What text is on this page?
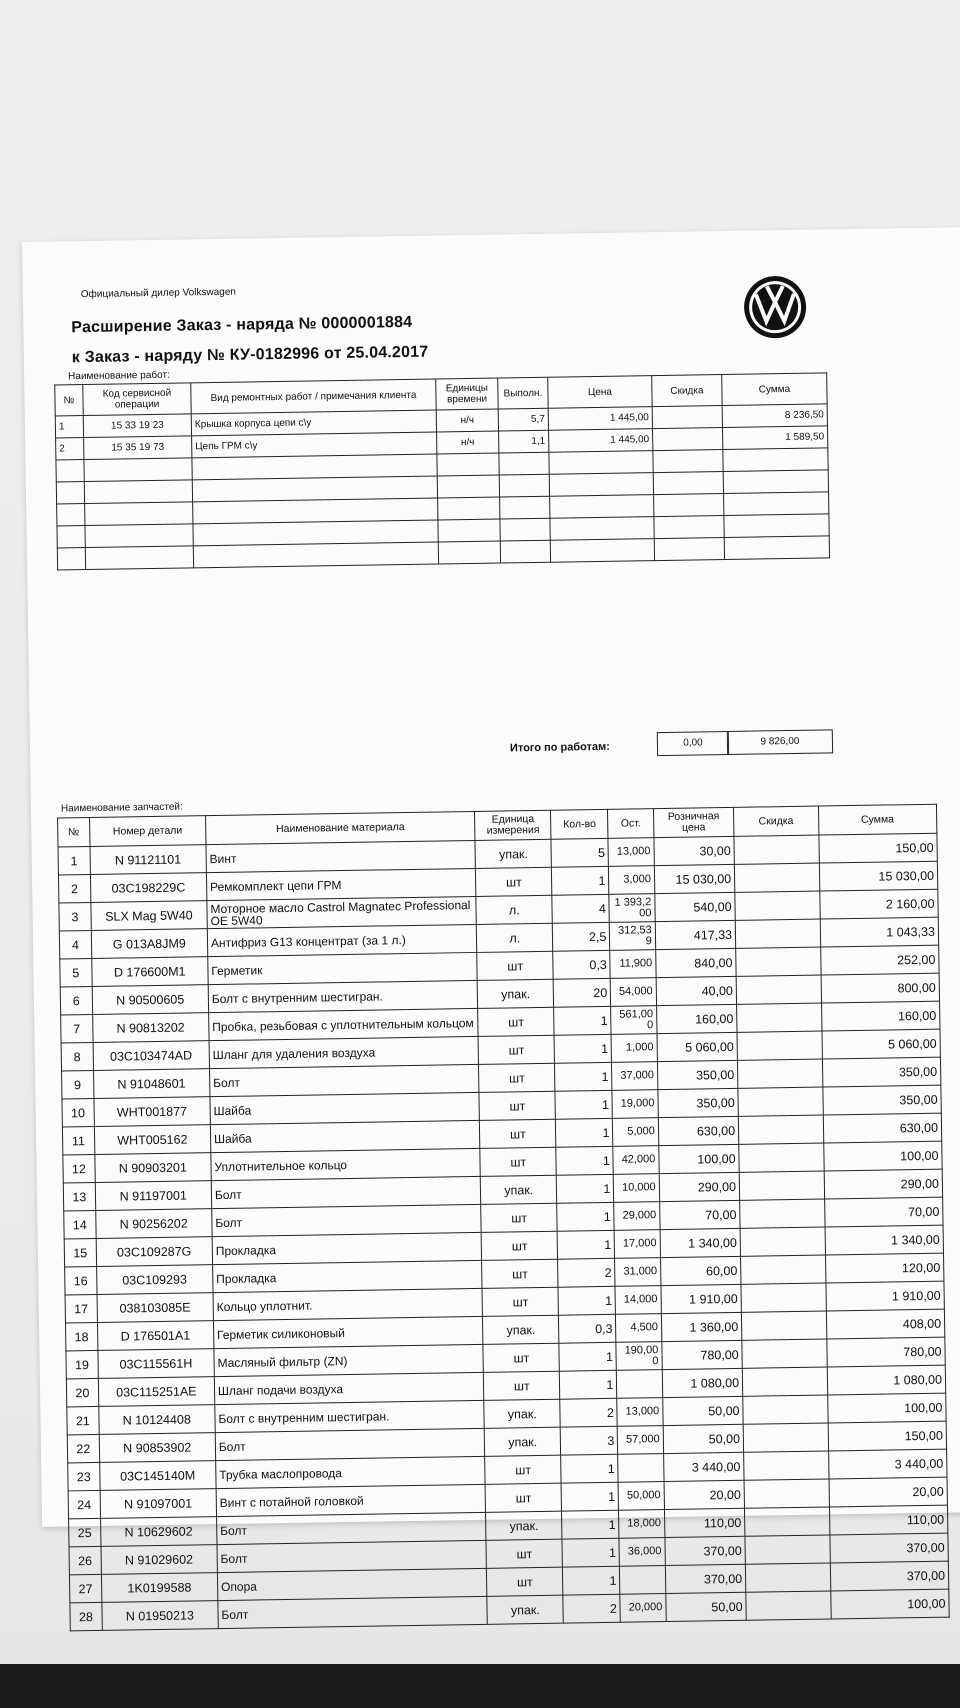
Официальный дилер Volkswagen
Расширение Заказ - наряда № 0000001884
к Заказ - наряду № КУ-0182996 от 25.04.2017
Наименование работ:
№	Код сервисной операции	Вид ремонтных работ / примечания клиента	Единицы времени	Выполн.	Цена	Скидка	Сумма
1	15 33 19 23	Крышка корпуса цепи с\у	н/ч	5,7	1 445,00		8 236,50
2	15 35 19 73	Цепь ГРМ с\у	н/ч	1,1	1 445,00		1 589,50

Итого по работам:	0,00	9 826,00
Наименование запчастей:
№	Номер детали	Наименование материала	Единица измерения	Кол-во	Ост.	Розничная цена	Скидка	Сумма
1	N 91121101	Винт	упак.	5	13,000	30,00		150,00
2	03C198229C	Ремкомплект цепи ГРМ	шт	1	3,000	15 030,00		15 030,00
3	SLX Mag 5W40	Моторное масло Castrol Magnatec Professional OE 5W40	л.	4	1 393,2 00	540,00		2 160,00
4	G 013A8JM9	Антифриз G13 концентрат (за 1 л.)	л.	2,5	312,53 9	417,33		1 043,33
5	D 176600M1	Герметик	шт	0,3	11,900	840,00		252,00
6	N 90500605	Болт с внутренним шестигран.	упак.	20	54,000	40,00		800,00
7	N 90813202	Пробка, резьбовая с уплотнительным кольцом	шт	1	561,00 0	160,00		160,00
8	03C103474AD	Шланг для удаления воздуха	шт	1	1,000	5 060,00		5 060,00
9	N 91048601	Болт	шт	1	37,000	350,00		350,00
10	WHT001877	Шайба	шт	1	19,000	350,00		350,00
11	WHT005162	Шайба	шт	1	5,000	630,00		630,00
12	N 90903201	Уплотнительное кольцо	шт	1	42,000	100,00		100,00
13	N 91197001	Болт	упак.	1	10,000	290,00		290,00
14	N 90256202	Болт	шт	1	29,000	70,00		70,00
15	03C109287G	Прокладка	шт	1	17,000	1 340,00		1 340,00
16	03C109293	Прокладка	шт	2	31,000	60,00		120,00
17	038103085E	Кольцо уплотнит.	шт	1	14,000	1 910,00		1 910,00
18	D 176501A1	Герметик силиконовый	упак.	0,3	4,500	1 360,00		408,00
19	03C115561H	Масляный фильтр (ZN)	шт	1	190,00 0	780,00		780,00
20	03C115251AE	Шланг подачи воздуха	шт	1		1 080,00		1 080,00
21	N 10124408	Болт с внутренним шестигран.	упак.	2	13,000	50,00		100,00
22	N 90853902	Болт	упак.	3	57,000	50,00		150,00
23	03C145140M	Трубка маслопровода	шт	1		3 440,00		3 440,00
24	N 91097001	Винт с потайной головкой	шт	1	50,000	20,00		20,00
25	N 10629602	Болт	упак.	1	18,000	110,00		110,00
26	N 91029602	Болт	шт	1	36,000	370,00		370,00
27	1K0199588	Опора	шт	1		370,00		370,00
28	N 01950213	Болт	упак.	2	20,000	50,00		100,00
